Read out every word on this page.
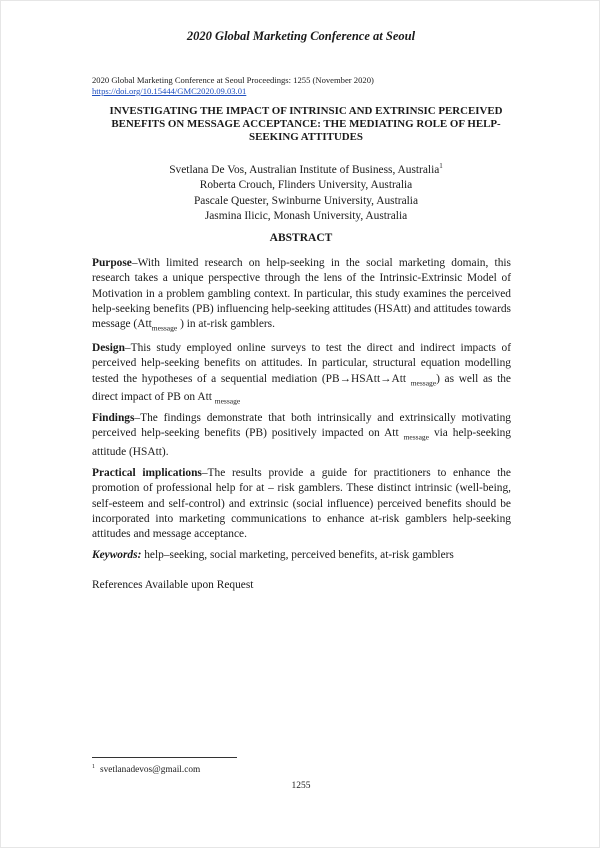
2020 Global Marketing Conference at Seoul
2020 Global Marketing Conference at Seoul Proceedings: 1255 (November 2020)
https://doi.org/10.15444/GMC2020.09.03.01
INVESTIGATING THE IMPACT OF INTRINSIC AND EXTRINSIC PERCEIVED BENEFITS ON MESSAGE ACCEPTANCE: THE MEDIATING ROLE OF HELP-SEEKING ATTITUDES
Svetlana De Vos, Australian Institute of Business, Australia$^1$
Roberta Crouch, Flinders University, Australia
Pascale Quester, Swinburne University, Australia
Jasmina Ilicic, Monash University, Australia
ABSTRACT
Purpose–With limited research on help-seeking in the social marketing domain, this research takes a unique perspective through the lens of the Intrinsic-Extrinsic Model of Motivation in a problem gambling context. In particular, this study examines the perceived help-seeking benefits (PB) influencing help-seeking attitudes (HSAtt) and attitudes towards message (Att$_{message}$ ) in at-risk gamblers.
Design–This study employed online surveys to test the direct and indirect impacts of perceived help-seeking benefits on attitudes. In particular, structural equation modelling tested the hypotheses of a sequential mediation (PB→HSAtt→Att $_{message}$) as well as the direct impact of PB on Att $_{message}$
Findings–The findings demonstrate that both intrinsically and extrinsically motivating perceived help-seeking benefits (PB) positively impacted on Att $_{message}$ via help-seeking attitude (HSAtt).
Practical implications–The results provide a guide for practitioners to enhance the promotion of professional help for at – risk gamblers. These distinct intrinsic (well-being, self-esteem and self-control) and extrinsic (social influence) perceived benefits should be incorporated into marketing communications to enhance at-risk gamblers help-seeking attitudes and message acceptance.
Keywords: help–seeking, social marketing, perceived benefits, at-risk gamblers
References Available upon Request
$^1$ svetlanadevos@gmail.com
1255
